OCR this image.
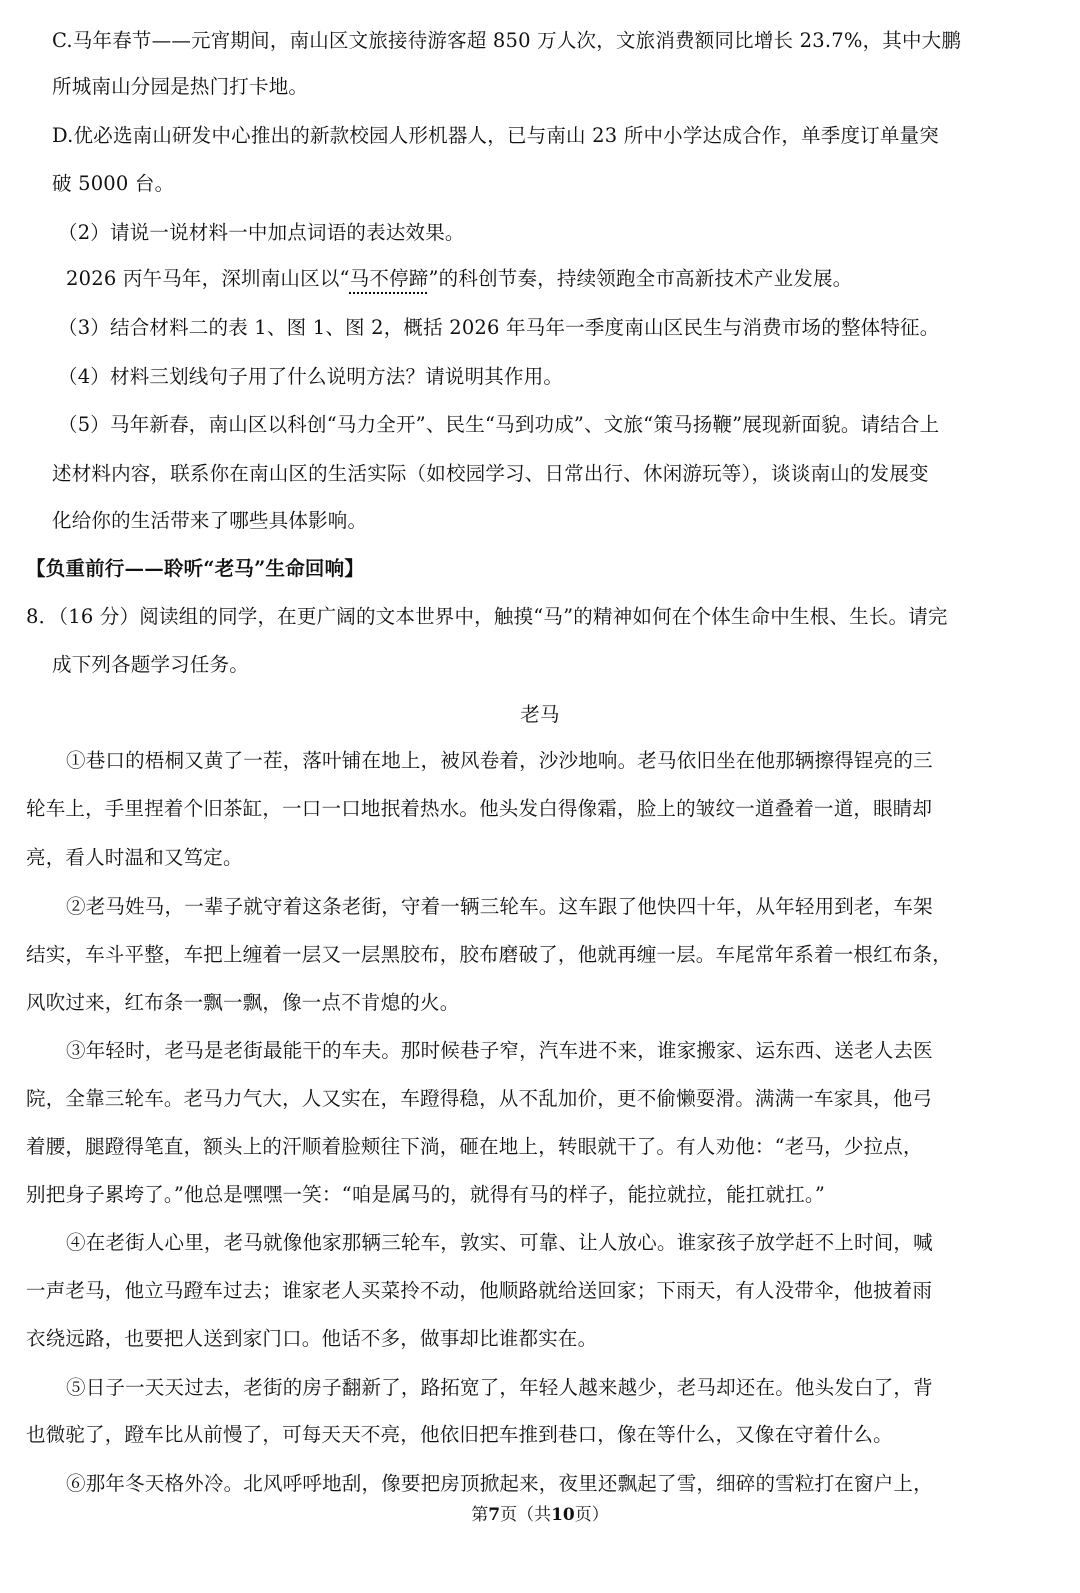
C.马年春节——元宵期间，南山区文旅接待游客超 850 万人次，文旅消费额同比增长 23.7%，其中大鹏
所城南山分园是热门打卡地。
D.优必选南山研发中心推出的新款校园人形机器人，已与南山 23 所中小学达成合作，单季度订单量突
破 5000 台。
（2）请说一说材料一中加点词语的表达效果。
2026 丙午马年，深圳南山区以“马不停蹄”的科创节奏，持续领跑全市高新技术产业发展。
（3）结合材料二的表 1、图 1、图 2，概括 2026 年马年一季度南山区民生与消费市场的整体特征。
（4）材料三划线句子用了什么说明方法？请说明其作用。
（5）马年新春，南山区以科创“马力全开”、民生“马到功成”、文旅“策马扬鞭”展现新面貌。请结合上
述材料内容，联系你在南山区的生活实际（如校园学习、日常出行、休闲游玩等），谈谈南山的发展变
化给你的生活带来了哪些具体影响。
【负重前行——聆听“老马”生命回响】
8．（16 分）阅读组的同学，在更广阔的文本世界中，触摸“马”的精神如何在个体生命中生根、生长。请完
成下列各题学习任务。
老马
①巷口的梧桐又黄了一茬，落叶铺在地上，被风卷着，沙沙地响。老马依旧坐在他那辆擦得锃亮的三
轮车上，手里捏着个旧茶缸，一口一口地抿着热水。他头发白得像霜，脸上的皱纹一道叠着一道，眼睛却
亮，看人时温和又笃定。
②老马姓马，一辈子就守着这条老街，守着一辆三轮车。这车跟了他快四十年，从年轻用到老，车架
结实，车斗平整，车把上缠着一层又一层黑胶布，胶布磨破了，他就再缠一层。车尾常年系着一根红布条，
风吹过来，红布条一飘一飘，像一点不肯熄的火。
③年轻时，老马是老街最能干的车夫。那时候巷子窄，汽车进不来，谁家搬家、运东西、送老人去医
院，全靠三轮车。老马力气大，人又实在，车蹬得稳，从不乱加价，更不偷懒耍滑。满满一车家具，他弓
着腰，腿蹬得笔直，额头上的汗顺着脸颊往下淌，砸在地上，转眼就干了。有人劝他：“老马，少拉点，
别把身子累垮了。”他总是嘿嘿一笑：“咱是属马的，就得有马的样子，能拉就拉，能扛就扛。”
④在老街人心里，老马就像他家那辆三轮车，敦实、可靠、让人放心。谁家孩子放学赶不上时间，喊
一声老马，他立马蹬车过去；谁家老人买菜拎不动，他顺路就给送回家；下雨天，有人没带伞，他披着雨
衣绕远路，也要把人送到家门口。他话不多，做事却比谁都实在。
⑤日子一天天过去，老街的房子翻新了，路拓宽了，年轻人越来越少，老马却还在。他头发白了，背
也微驼了，蹬车比从前慢了，可每天天不亮，他依旧把车推到巷口，像在等什么，又像在守着什么。
⑥那年冬天格外冷。北风呼呼地刮，像要把房顶掀起来，夜里还飘起了雪，细碎的雪粒打在窗户上，
第7页（共10页）
